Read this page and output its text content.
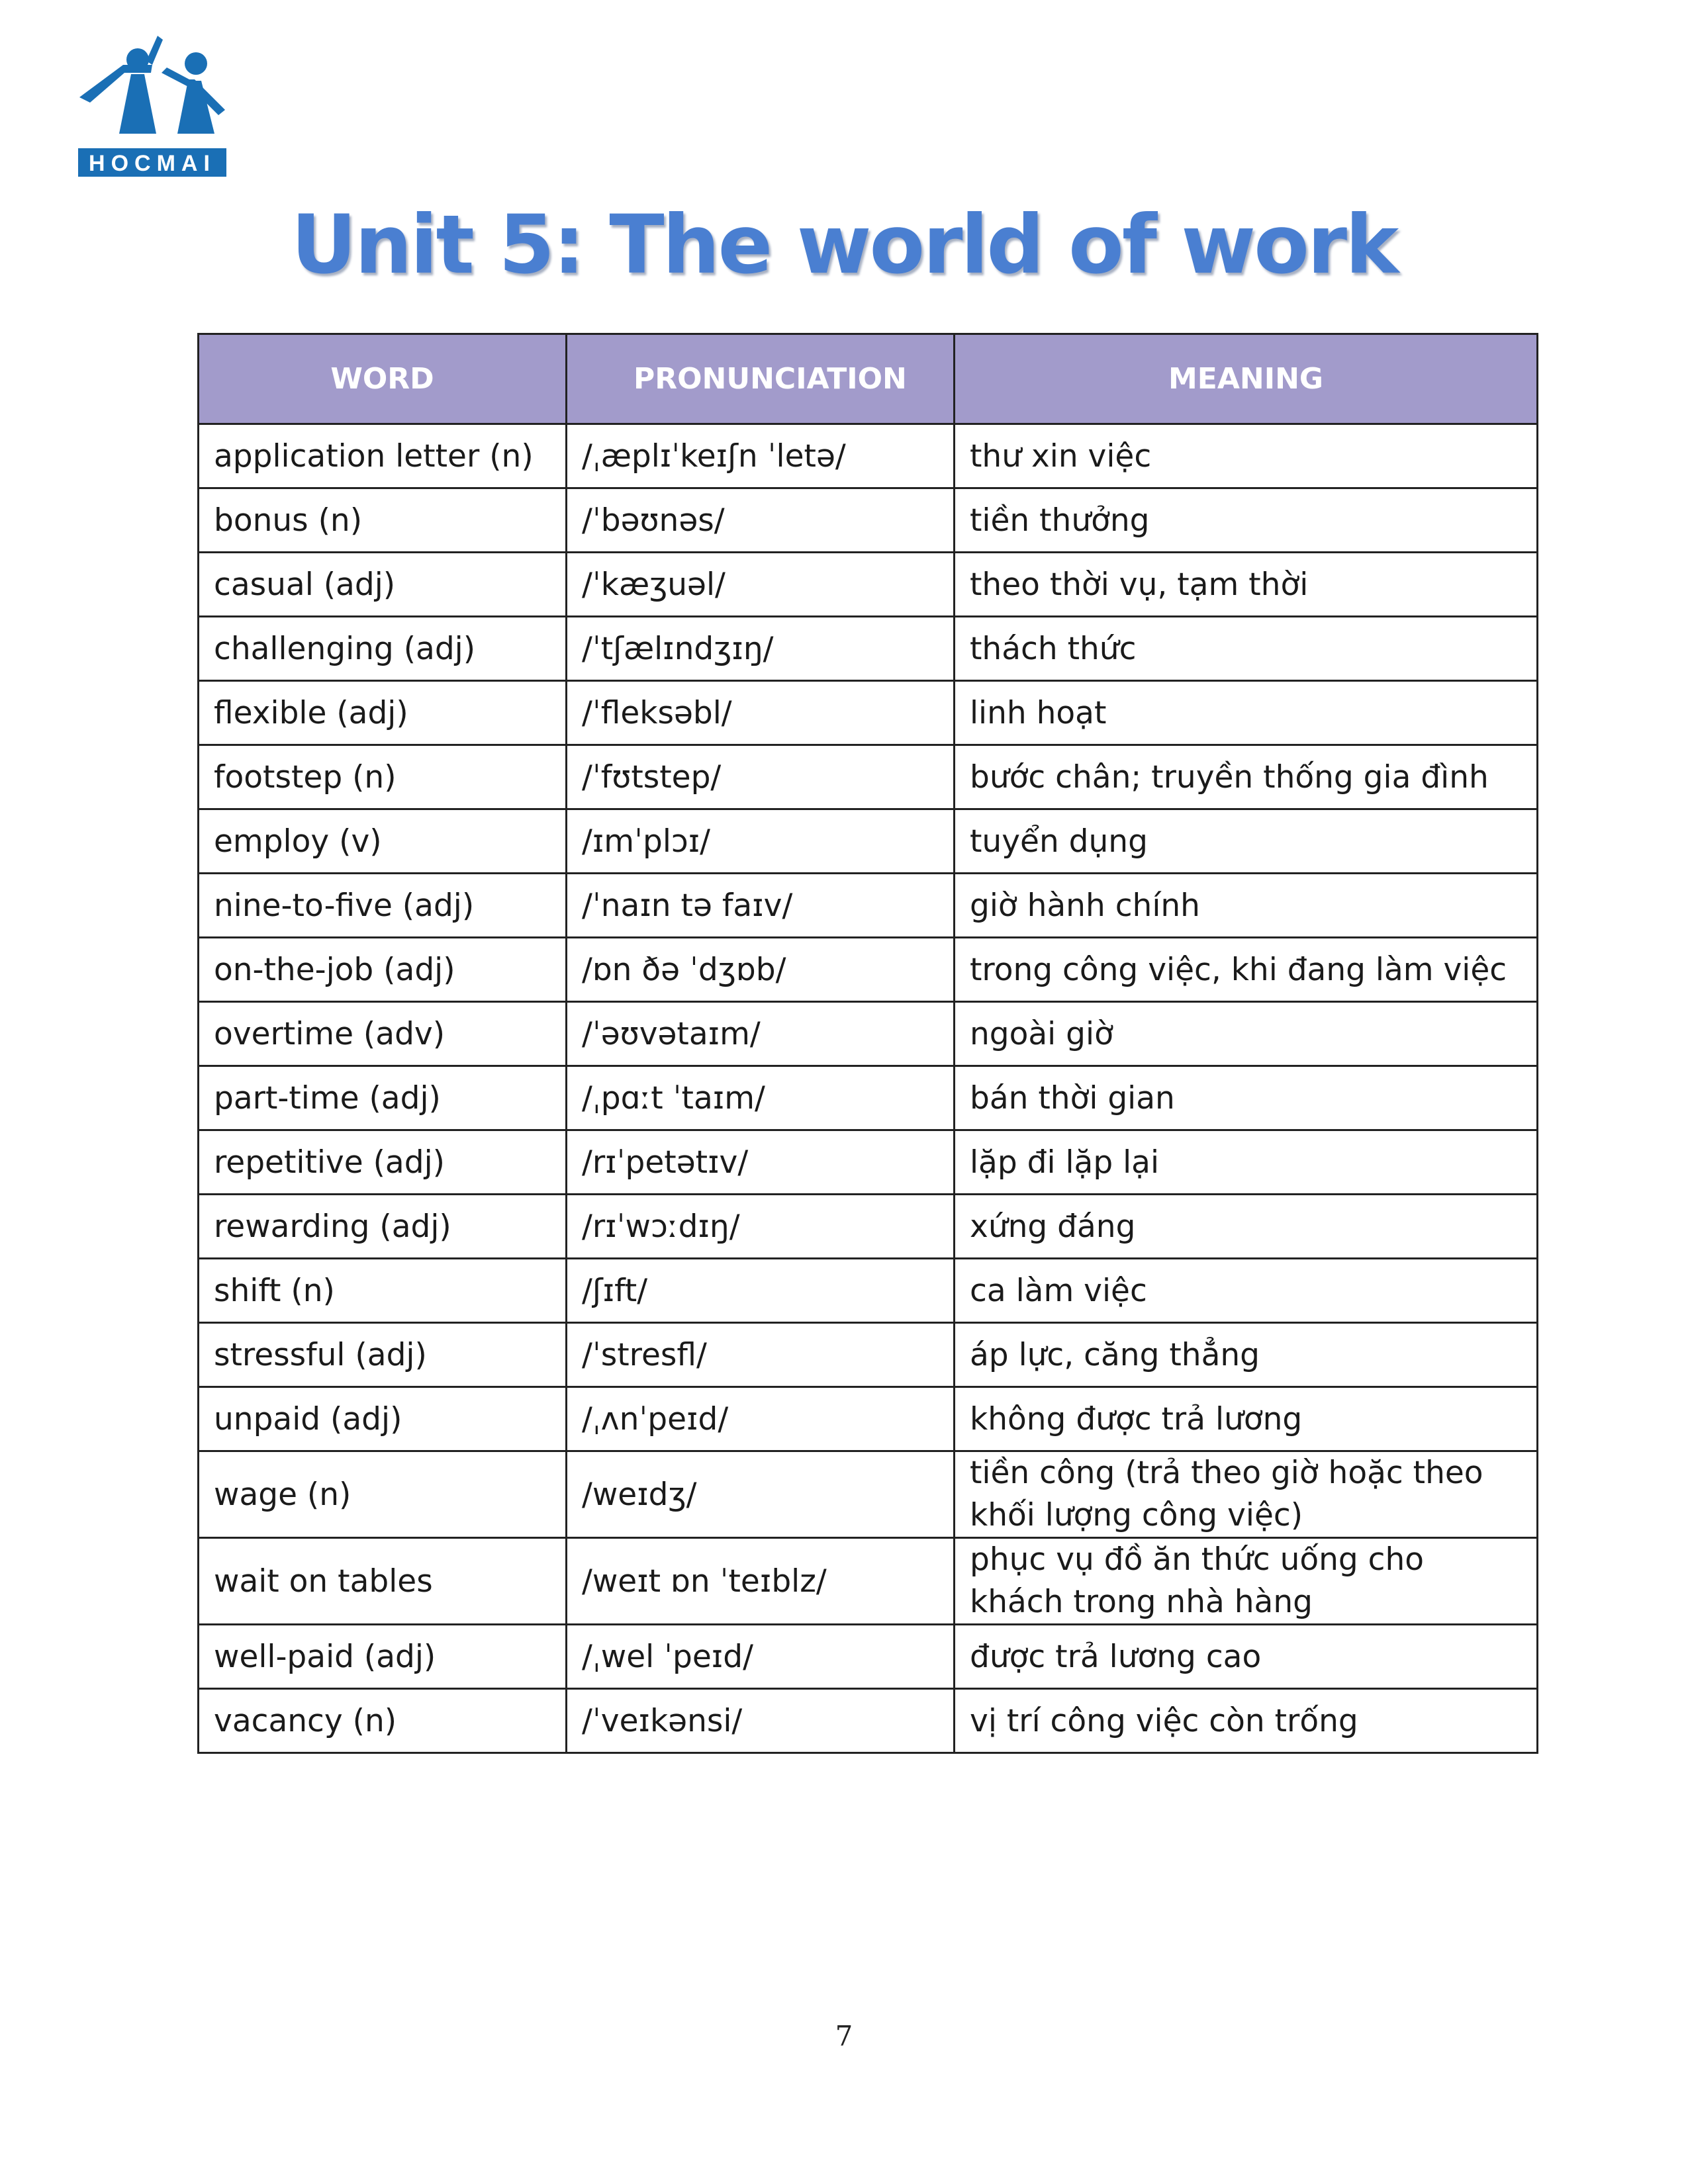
HOCMAI
Unit 5: The world of work
WORD	PRONUNCIATION	MEANING
application letter (n)	/ˌæplɪˈkeɪʃn ˈletə/	thư xin việc
bonus (n)	/ˈbəʊnəs/	tiền thưởng
casual (adj)	/ˈkæʒuəl/	theo thời vụ, tạm thời
challenging (adj)	/ˈtʃælɪndʒɪŋ/	thách thức
flexible (adj)	/ˈfleksəbl/	linh hoạt
footstep (n)	/ˈfʊtstep/	bước chân; truyền thống gia đình
employ (v)	/ɪmˈplɔɪ/	tuyển dụng
nine-to-five (adj)	/ˈnaɪn tə faɪv/	giờ hành chính
on-the-job (adj)	/ɒn ðə ˈdʒɒb/	trong công việc, khi đang làm việc
overtime (adv)	/ˈəʊvətaɪm/	ngoài giờ
part-time (adj)	/ˌpɑːt ˈtaɪm/	bán thời gian
repetitive (adj)	/rɪˈpetətɪv/	lặp đi lặp lại
rewarding (adj)	/rɪˈwɔːdɪŋ/	xứng đáng
shift (n)	/ʃɪft/	ca làm việc
stressful (adj)	/ˈstresfl/	áp lực, căng thẳng
unpaid (adj)	/ˌʌnˈpeɪd/	không được trả lương
wage (n)	/weɪdʒ/	tiền công (trả theo giờ hoặc theo khối lượng công việc)
wait on tables	/weɪt ɒn ˈteɪblz/	phục vụ đồ ăn thức uống cho khách trong nhà hàng
well-paid (adj)	/ˌwel ˈpeɪd/	được trả lương cao
vacancy (n)	/ˈveɪkənsi/	vị trí công việc còn trống
7
